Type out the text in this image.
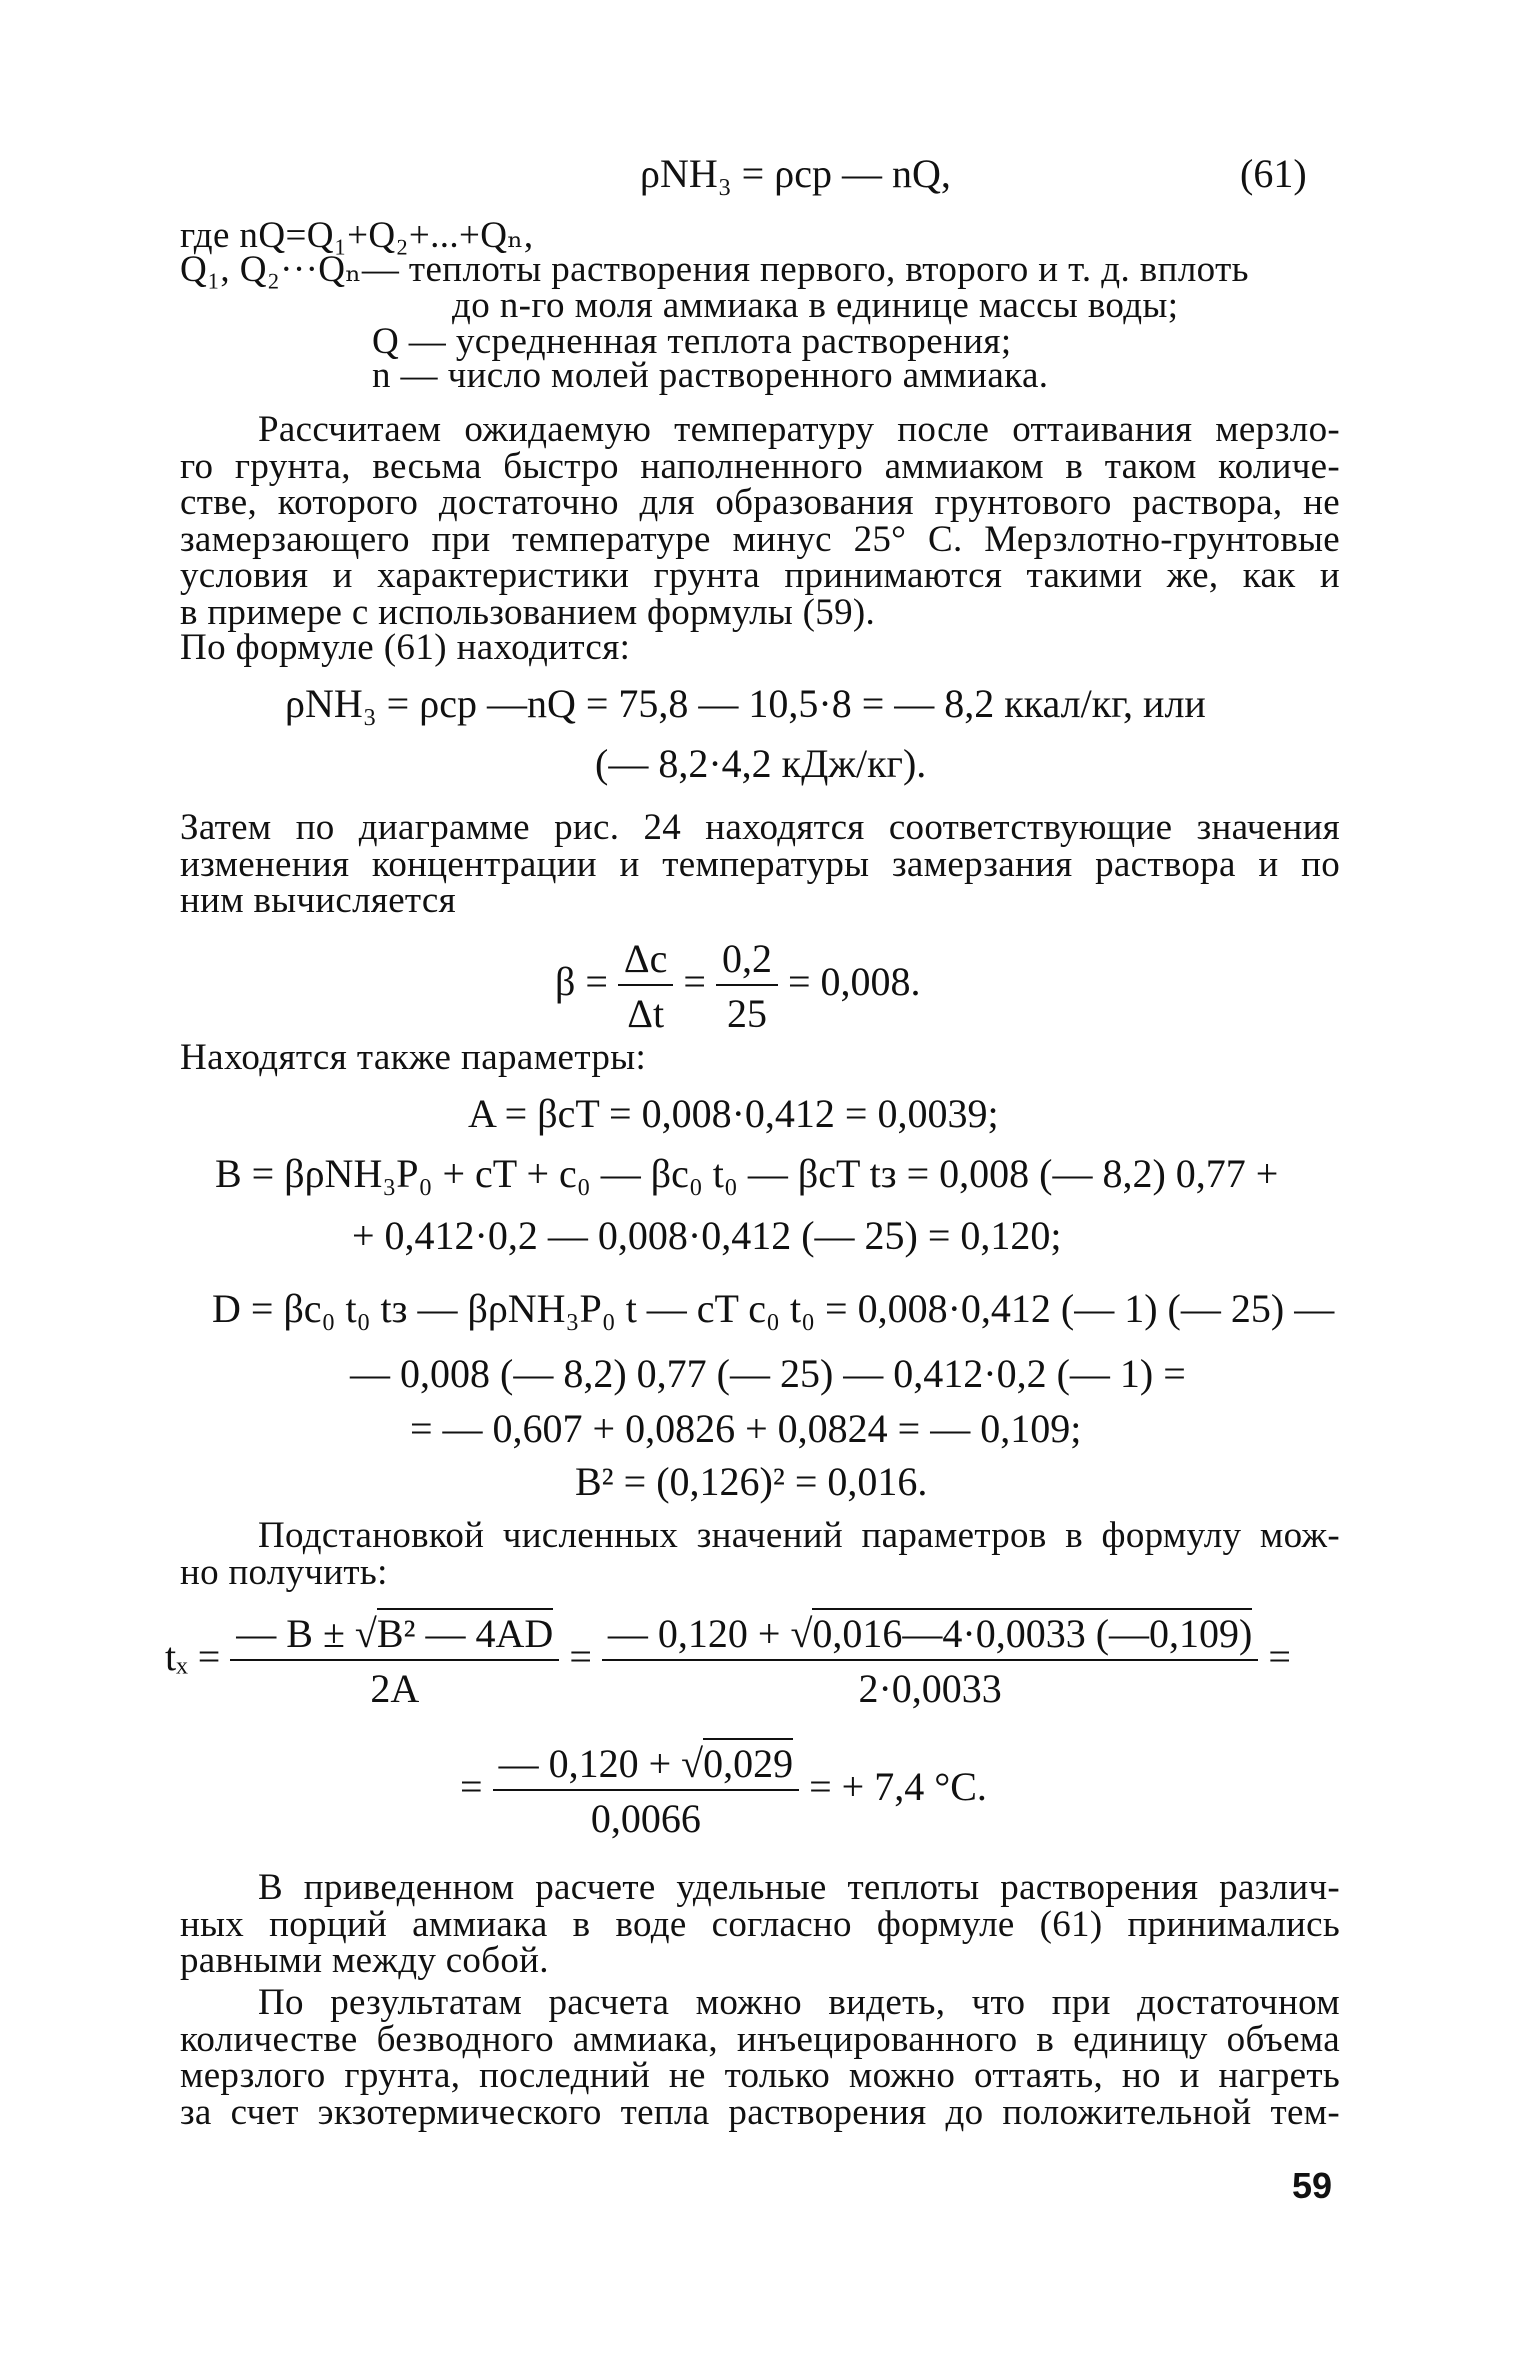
ρNH₃ = ρср — nQ,	(61)
где nQ=Q₁+Q₂+...+Qₙ,
Q₁, Q₂···Qₙ— теплоты растворения первого, второго и т. д. вплоть
до n-го моля аммиака в единице массы воды;
Q — усредненная теплота растворения;
n — число молей растворенного аммиака.
Рассчитаем ожидаемую температуру после оттаивания мерзло-
го грунта, весьма быстро наполненного аммиаком в таком количе-
стве, которого достаточно для образования грунтового раствора, не
замерзающего при температуре минус 25° С. Мерзлотно-грунтовые
условия и характеристики грунта принимаются такими же, как и
в примере с использованием формулы (59).
По формуле (61) находится:
ρNH₃ = ρср —nQ = 75,8 — 10,5·8 = — 8,2 ккал/кг, или
(— 8,2·4,2 кДж/кг).
Затем по диаграмме рис. 24 находятся соответствующие значения
изменения концентрации и температуры замерзания раствора и по
ним вычисляется
$\beta = \frac{\Delta c}{\Delta t} = \frac{0,2}{25} = 0,008$.
Находятся также параметры:
A = βcT = 0,008·0,412 = 0,0039;
B = βρNH₃P₀ + cT + c₀ — βc₀ t₀ — βcT tз = 0,008 (— 8,2) 0,77 +
+ 0,412·0,2 — 0,008·0,412 (— 25) = 0,120;
D = βc₀ t₀ tз — βρNH₃P₀ t — cT c₀ t₀ = 0,008·0,412 (— 1) (— 25) —
— 0,008 (— 8,2) 0,77 (— 25) — 0,412·0,2 (— 1) =
= — 0,607 + 0,0826 + 0,0824 = — 0,109;
B² = (0,126)² = 0,016.
Подстановкой численных значений параметров в формулу мож-
но получить:
$t_x = \frac{\text{— B ± √B² — 4AD}}{2A} = \frac{— 0,120 + √0,016—4\cdot 0,0033 (—0,109)}{2\cdot 0,0033}$ =
= $\frac{— 0,120 + √0,029}{0,0066}$ = + 7,4 °C.
В приведенном расчете удельные теплоты растворения различ-
ных порций аммиака в воде согласно формуле (61) принимались
равными между собой.
По результатам расчета можно видеть, что при достаточном
количестве безводного аммиака, инъецированного в единицу объема
мерзлого грунта, последний не только можно оттаять, но и нагреть
за счет экзотермического тепла растворения до положительной тем-
59
